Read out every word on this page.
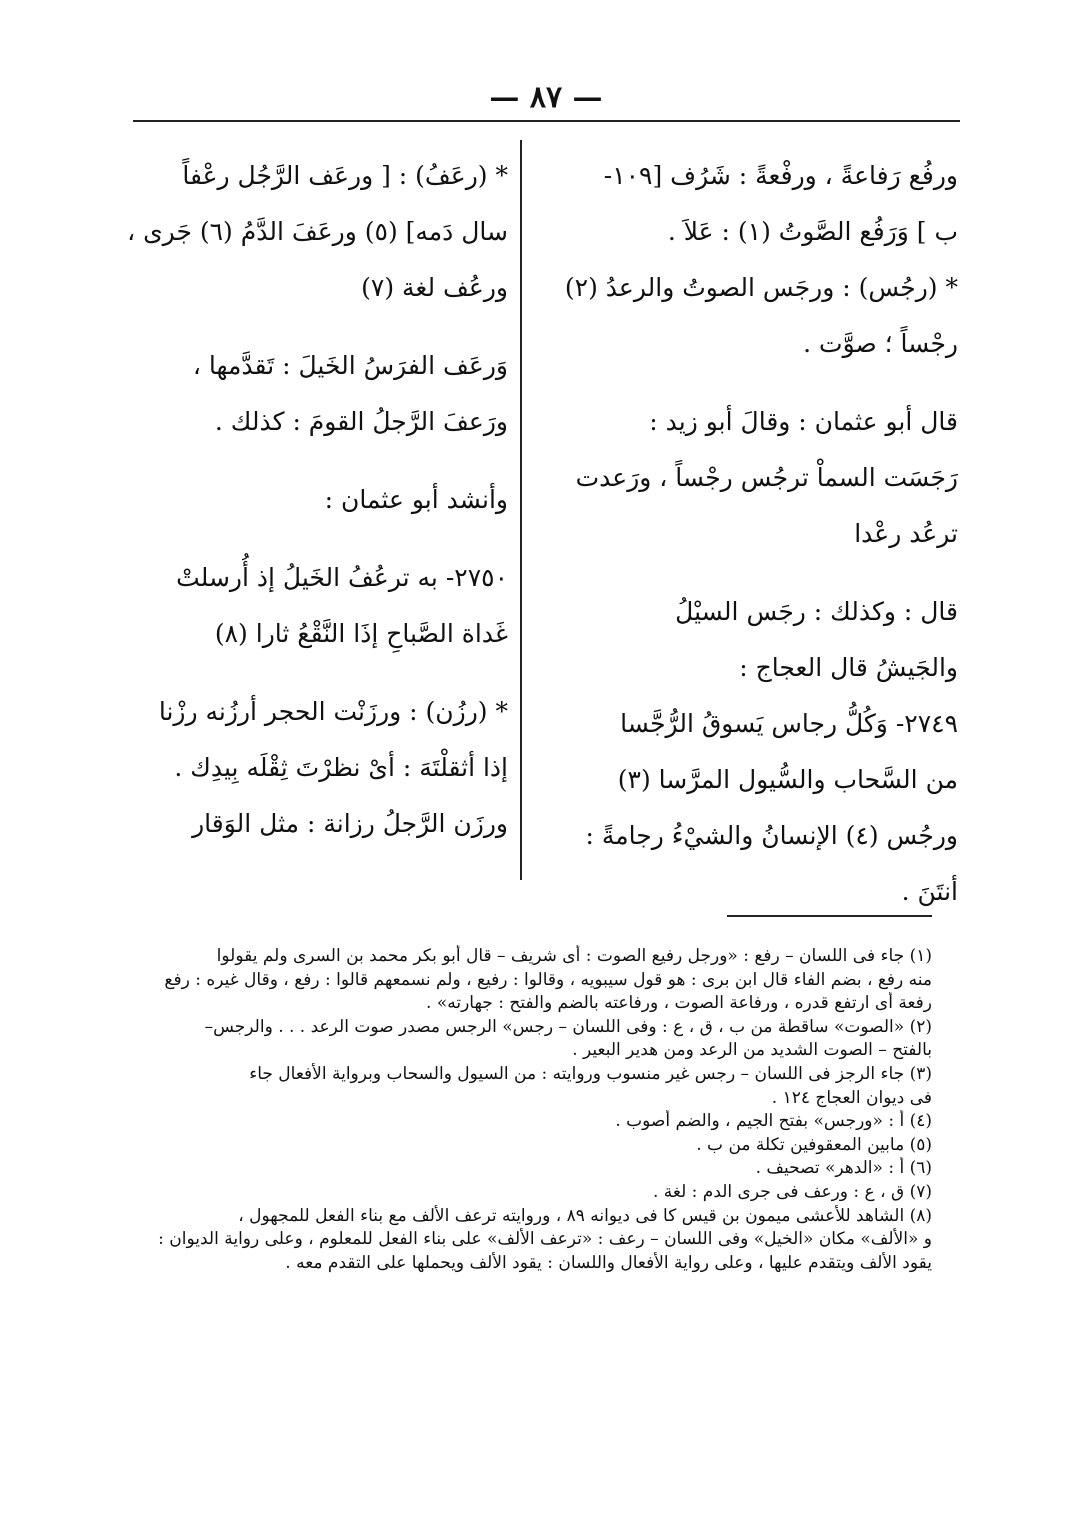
— ٨٧ —
ورفُع رَفاعةً ، ورفْعةً : شَرُف [١٠٩-
ب ] وَرَفُع الصَّوتُ (١) : عَلاَ .
* (رجُس) : ورجَس الصوتُ والرعدُ (٢)
رجْساً ؛ صوَّت .
قال أبو عثمان : وقالَ أبو زيد :
رَجَسَت السماْ ترجُس رجْساً ، ورَعدت
ترعُد رعْدا
قال : وكذلك : رجَس السيْلُ
والجَيشُ قال العجاج :
٢٧٤٩- وَكُلُّ رجاس يَسوقُ الرُّجَّسا
من السَّحاب والسُّيول المرَّسا (٣)
ورجُس (٤) الإنسانُ والشيْءُ رجامةً :
أنتَنَ .
* (رعَفُ) : [ ورعَف الرَّجُل رعْفاً
سال دَمه] (٥) ورعَفَ الدَّمُ (٦) جَرى ،
ورعُف لغة (٧)
وَرعَف الفرَسُ الخَيلَ : تَقدَّمها ،
ورَعفَ الرَّجلُ القومَ : كذلك .
وأنشد أبو عثمان :
٢٧٥٠- به ترعُفُ الخَيلُ إذ أُرسلتْ
غَداة الصَّباحِ إذَا النَّقْعُ ثارا (٨)
* (رزُن) : ورزَنْت الحجر أرزُنه رزْنا
إذا أثقلْتَهَ : أىْ نظرْتَ ثِقْلَه بِيدِك .
ورزَن الرَّجلُ رزانة : مثل الوَقار
(١) جاء فى اللسان – رفع : «ورجل رفيع الصوت : أى شريف – قال أبو بكر محمد بن السرى ولم يقولوا
منه رفع ، بضم الفاء قال ابن برى : هو قول سيبويه ، وقالوا : رفيع ، ولم نسمعهم قالوا : رفع ، وقال غيره : رفع
رفعة أى ارتفع قدره ، ورفاعة الصوت ، ورفاعته بالضم والفتح : جهارته» .
(٢) «الصوت» ساقطة من ب ، ق ، ع : وفى اللسان – رجس» الرجس مصدر صوت الرعد . . . والرجس–
بالفتح – الصوت الشديد من الرعد ومن هدير البعير .
(٣) جاء الرجز فى اللسان – رجس غير منسوب وروايته : من السيول والسحاب وبرواية الأفعال جاء
فى ديوان العجاج ١٢٤ .
(٤) أ : «ورجس» بفتح الجيم ، والضم أصوب .
(٥) مابين المعقوفين تكلة من ب .
(٦) أ : «الدهر» تصحيف .
(٧) ق ، ع : ورعف فى جرى الدم : لغة .
(٨) الشاهد للأعشى ميمون بن قيس كا فى ديوانه ٨٩ ، وروايته ترعف الألف مع بناء الفعل للمجهول ،
و «الألف» مكان «الخيل» وفى اللسان – رعف : «ترعف الألف» على بناء الفعل للمعلوم ، وعلى رواية الديوان :
يقود الألف ويتقدم عليها ، وعلى رواية الأفعال واللسان : يقود الألف ويحملها على التقدم معه .
